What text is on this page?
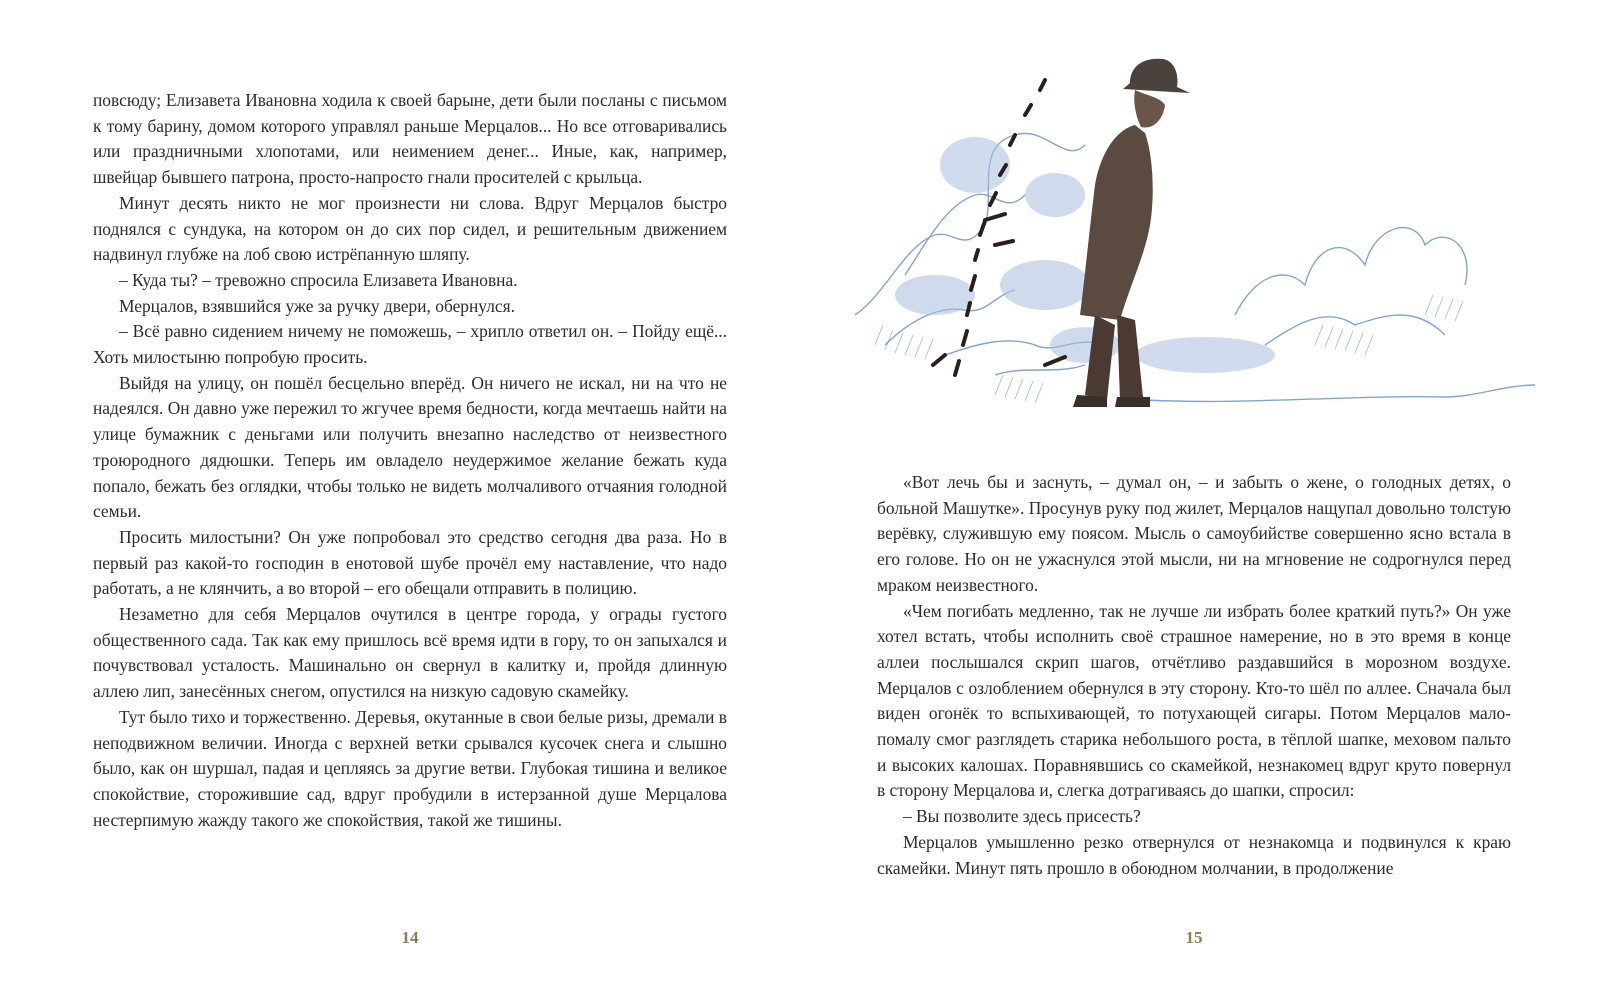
повсюду; Елизавета Ивановна ходила к своей барыне, дети были посланы с письмом к тому барину, домом которого управлял раньше Мерцалов... Но все отговаривались или праздничными хлопотами, или неимением денег... Иные, как, например, швейцар бывшего патрона, просто-напросто гнали просителей с крыльца.

Минут десять никто не мог произнести ни слова. Вдруг Мерцалов быстро поднялся с сундука, на котором он до сих пор сидел, и решительным движением надвинул глубже на лоб свою истрёпанную шляпу.

– Куда ты? – тревожно спросила Елизавета Ивановна.

Мерцалов, взявшийся уже за ручку двери, обернулся.

– Всё равно сидением ничему не поможешь, – хрипло ответил он. – Пойду ещё... Хоть милостыню попробую просить.

Выйдя на улицу, он пошёл бесцельно вперёд. Он ничего не искал, ни на что не надеялся. Он давно уже пережил то жгучее время бедности, когда мечтаешь найти на улице бумажник с деньгами или получить внезапно наследство от неизвестного троюродного дядюшки. Теперь им овладело неудержимое желание бежать куда попало, бежать без оглядки, чтобы только не видеть молчаливого отчаяния голодной семьи.

Просить милостыни? Он уже попробовал это средство сегодня два раза. Но в первый раз какой-то господин в енотовой шубе прочёл ему наставление, что надо работать, а не клянчить, а во второй – его обещали отправить в полицию.

Незаметно для себя Мерцалов очутился в центре города, у ограды густого общественного сада. Так как ему пришлось всё время идти в гору, то он запыхался и почувствовал усталость. Машинально он свернул в калитку и, пройдя длинную аллею лип, занесённых снегом, опустился на низкую садовую скамейку.

Тут было тихо и торжественно. Деревья, окутанные в свои белые ризы, дремали в неподвижном величии. Иногда с верхней ветки срывался кусочек снега и слышно было, как он шуршал, падая и цепляясь за другие ветви. Глубокая тишина и великое спокойствие, сторожившие сад, вдруг пробудили в истерзанной душе Мерцалова нестерпимую жажду такого же спокойствия, такой же тишины.

14

«Вот лечь бы и заснуть, – думал он, – и забыть о жене, о голодных детях, о больной Машутке». Просунув руку под жилет, Мерцалов нащупал довольно толстую верёвку, служившую ему поясом. Мысль о самоубийстве совершенно ясно встала в его голове. Но он не ужаснулся этой мысли, ни на мгновение не содрогнулся перед мраком неизвестного.

«Чем погибать медленно, так не лучше ли избрать более краткий путь?» Он уже хотел встать, чтобы исполнить своё страшное намерение, но в это время в конце аллеи послышался скрип шагов, отчётливо раздавшийся в морозном воздухе. Мерцалов с озлоблением обернулся в эту сторону. Кто-то шёл по аллее. Сначала был виден огонёк то вспыхивающей, то потухающей сигары. Потом Мерцалов мало-помалу смог разглядеть старика небольшого роста, в тёплой шапке, меховом пальто и высоких калошах. Поравнявшись со скамейкой, незнакомец вдруг круто повернул в сторону Мерцалова и, слегка дотрагиваясь до шапки, спросил:

– Вы позволите здесь присесть?

Мерцалов умышленно резко отвернулся от незнакомца и подвинулся к краю скамейки. Минут пять прошло в обоюдном молчании, в продолжение

15
